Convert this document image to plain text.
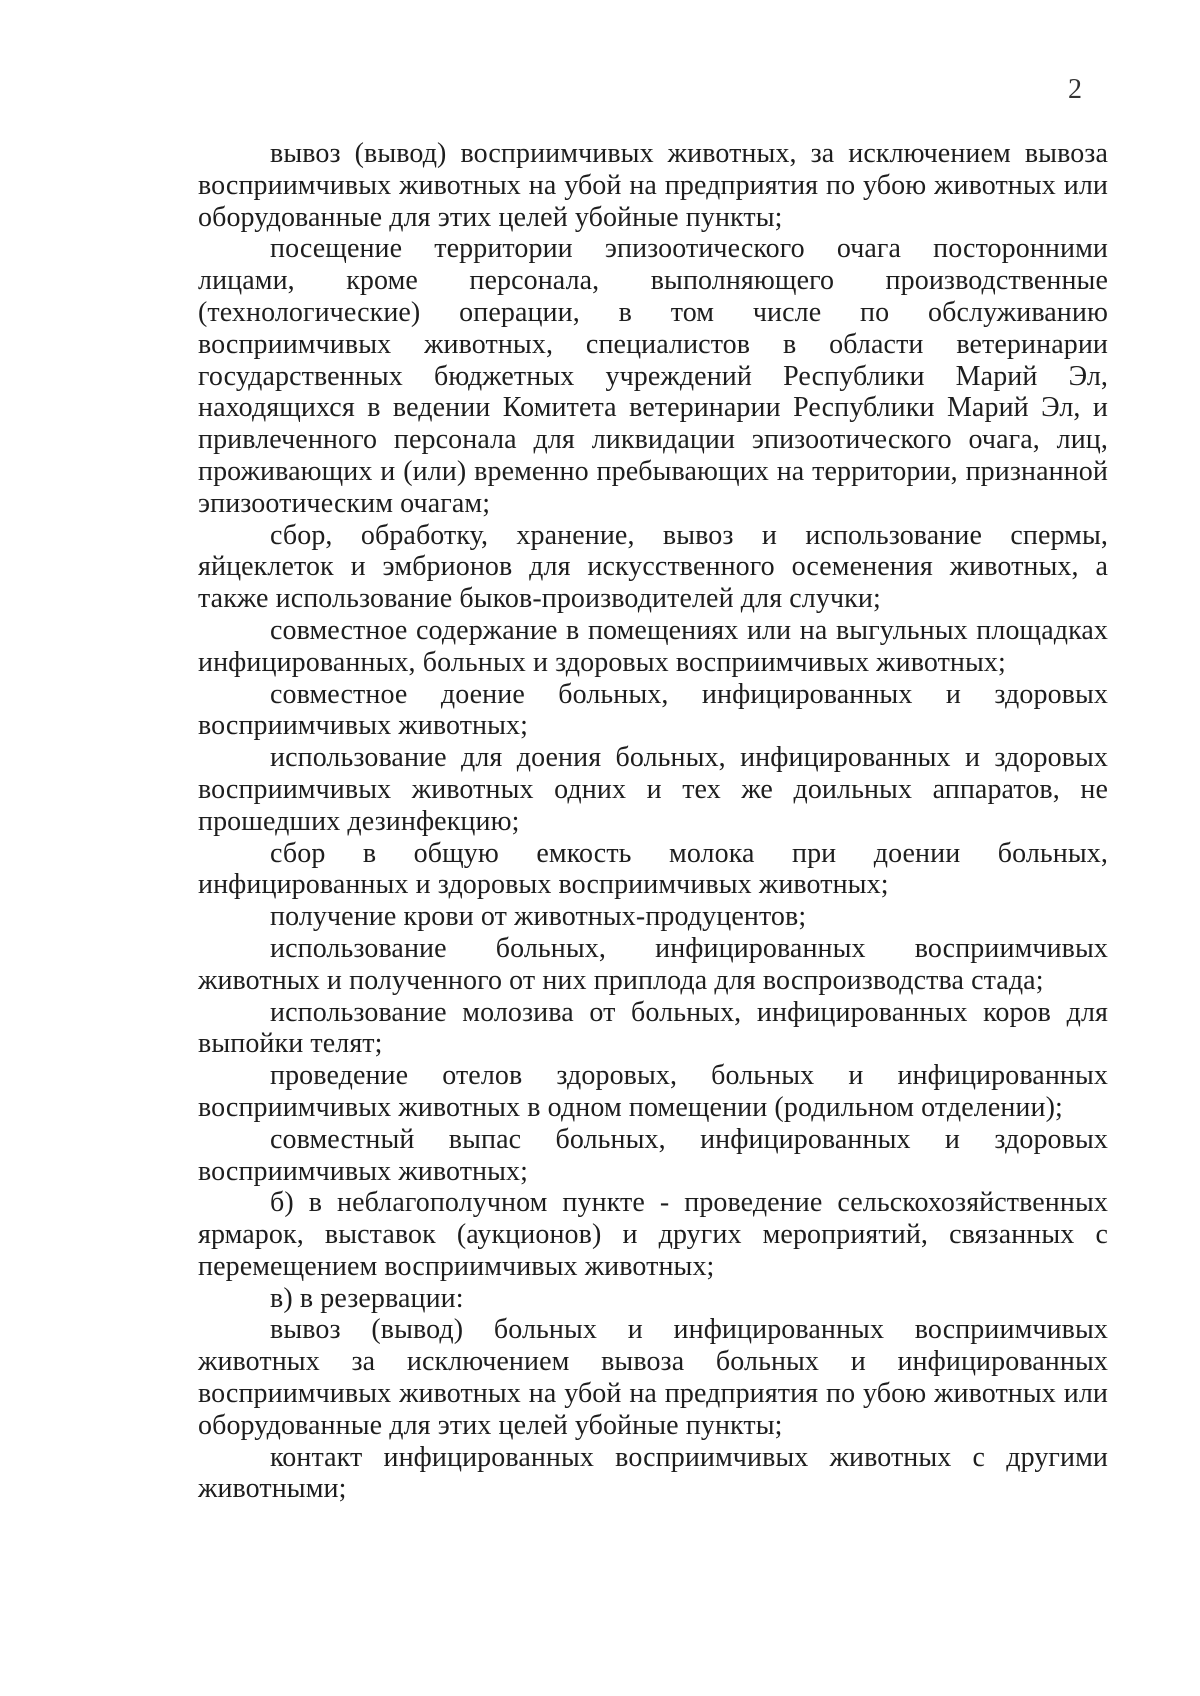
2

вывоз (вывод) восприимчивых животных, за исключением вывоза восприимчивых животных на убой на предприятия по убою животных или оборудованные для этих целей убойные пункты;

посещение территории эпизоотического очага посторонними лицами, кроме персонала, выполняющего производственные (технологические) операции, в том числе по обслуживанию восприимчивых животных, специалистов в области ветеринарии государственных бюджетных учреждений Республики Марий Эл, находящихся в ведении Комитета ветеринарии Республики Марий Эл, и привлеченного персонала для ликвидации эпизоотического очага, лиц, проживающих и (или) временно пребывающих на территории, признанной эпизоотическим очагам;

сбор, обработку, хранение, вывоз и использование спермы, яйцеклеток и эмбрионов для искусственного осеменения животных, а также использование быков-производителей для случки;

совместное содержание в помещениях или на выгульных площадках инфицированных, больных и здоровых восприимчивых животных;

совместное доение больных, инфицированных и здоровых восприимчивых животных;

использование для доения больных, инфицированных и здоровых восприимчивых животных одних и тех же доильных аппаратов, не прошедших дезинфекцию;

сбор в общую емкость молока при доении больных, инфицированных и здоровых восприимчивых животных;

получение крови от животных-продуцентов;

использование больных, инфицированных восприимчивых животных и полученного от них приплода для воспроизводства стада;

использование молозива от больных, инфицированных коров для выпойки телят;

проведение отелов здоровых, больных и инфицированных восприимчивых животных в одном помещении (родильном отделении);

совместный выпас больных, инфицированных и здоровых восприимчивых животных;

б) в неблагополучном пункте - проведение сельскохозяйственных ярмарок, выставок (аукционов) и других мероприятий, связанных с перемещением восприимчивых животных;

в) в резервации:

вывоз (вывод) больных и инфицированных восприимчивых животных за исключением вывоза больных и инфицированных восприимчивых животных на убой на предприятия по убою животных или оборудованные для этих целей убойные пункты;

контакт инфицированных восприимчивых животных с другими животными;
